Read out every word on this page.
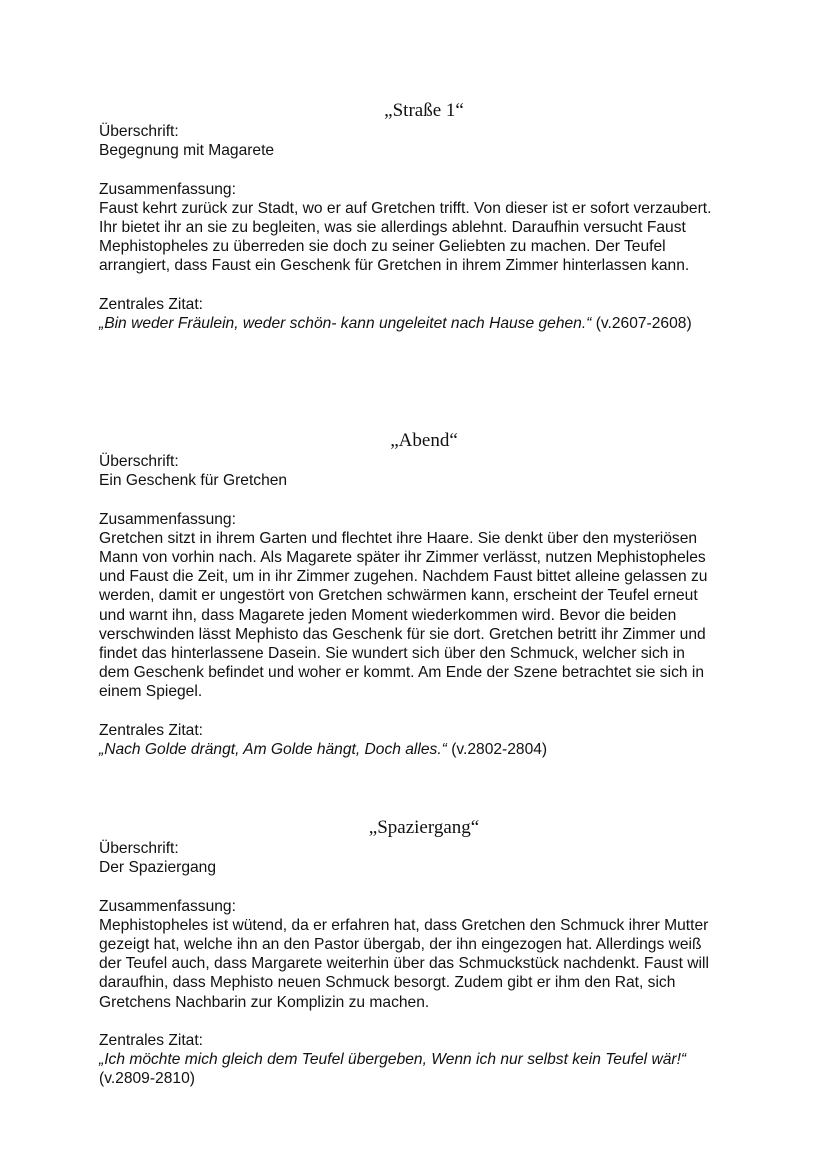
„Straße 1“

Überschrift:

Begegnung mit Magarete

Zusammenfassung:

Faust kehrt zurück zur Stadt, wo er auf Gretchen trifft. Von dieser ist er sofort verzaubert. Ihr bietet ihr an sie zu begleiten, was sie allerdings ablehnt. Daraufhin versucht Faust Mephistopheles zu überreden sie doch zu seiner Geliebten zu machen. Der Teufel arrangiert, dass Faust ein Geschenk für Gretchen in ihrem Zimmer hinterlassen kann.

Zentrales Zitat:

„Bin weder Fräulein, weder schön- kann ungeleitet nach Hause gehen.“ (v.2607-2608)

„Abend“

Überschrift:

Ein Geschenk für Gretchen

Zusammenfassung:

Gretchen sitzt in ihrem Garten und flechtet ihre Haare. Sie denkt über den mysteriösen Mann von vorhin nach. Als Magarete später ihr Zimmer verlässt, nutzen Mephistopheles und Faust die Zeit, um in ihr Zimmer zugehen. Nachdem Faust bittet alleine gelassen zu werden, damit er ungestört von Gretchen schwärmen kann, erscheint der Teufel erneut und warnt ihn, dass Magarete jeden Moment wiederkommen wird. Bevor die beiden verschwinden lässt Mephisto das Geschenk für sie dort. Gretchen betritt ihr Zimmer und findet das hinterlassene Dasein. Sie wundert sich über den Schmuck, welcher sich in dem Geschenk befindet und woher er kommt. Am Ende der Szene betrachtet sie sich in einem Spiegel.

Zentrales Zitat:

„Nach Golde drängt, Am Golde hängt, Doch alles.“ (v.2802-2804)

„Spaziergang“

Überschrift:

Der Spaziergang

Zusammenfassung:

Mephistopheles ist wütend, da er erfahren hat, dass Gretchen den Schmuck ihrer Mutter gezeigt hat, welche ihn an den Pastor übergab, der ihn eingezogen hat. Allerdings weiß der Teufel auch, dass Margarete weiterhin über das Schmuckstück nachdenkt. Faust will daraufhin, dass Mephisto neuen Schmuck besorgt. Zudem gibt er ihm den Rat, sich Gretchens Nachbarin zur Komplizin zu machen.

Zentrales Zitat:

„Ich möchte mich gleich dem Teufel übergeben, Wenn ich nur selbst kein Teufel wär!“ (v.2809-2810)
